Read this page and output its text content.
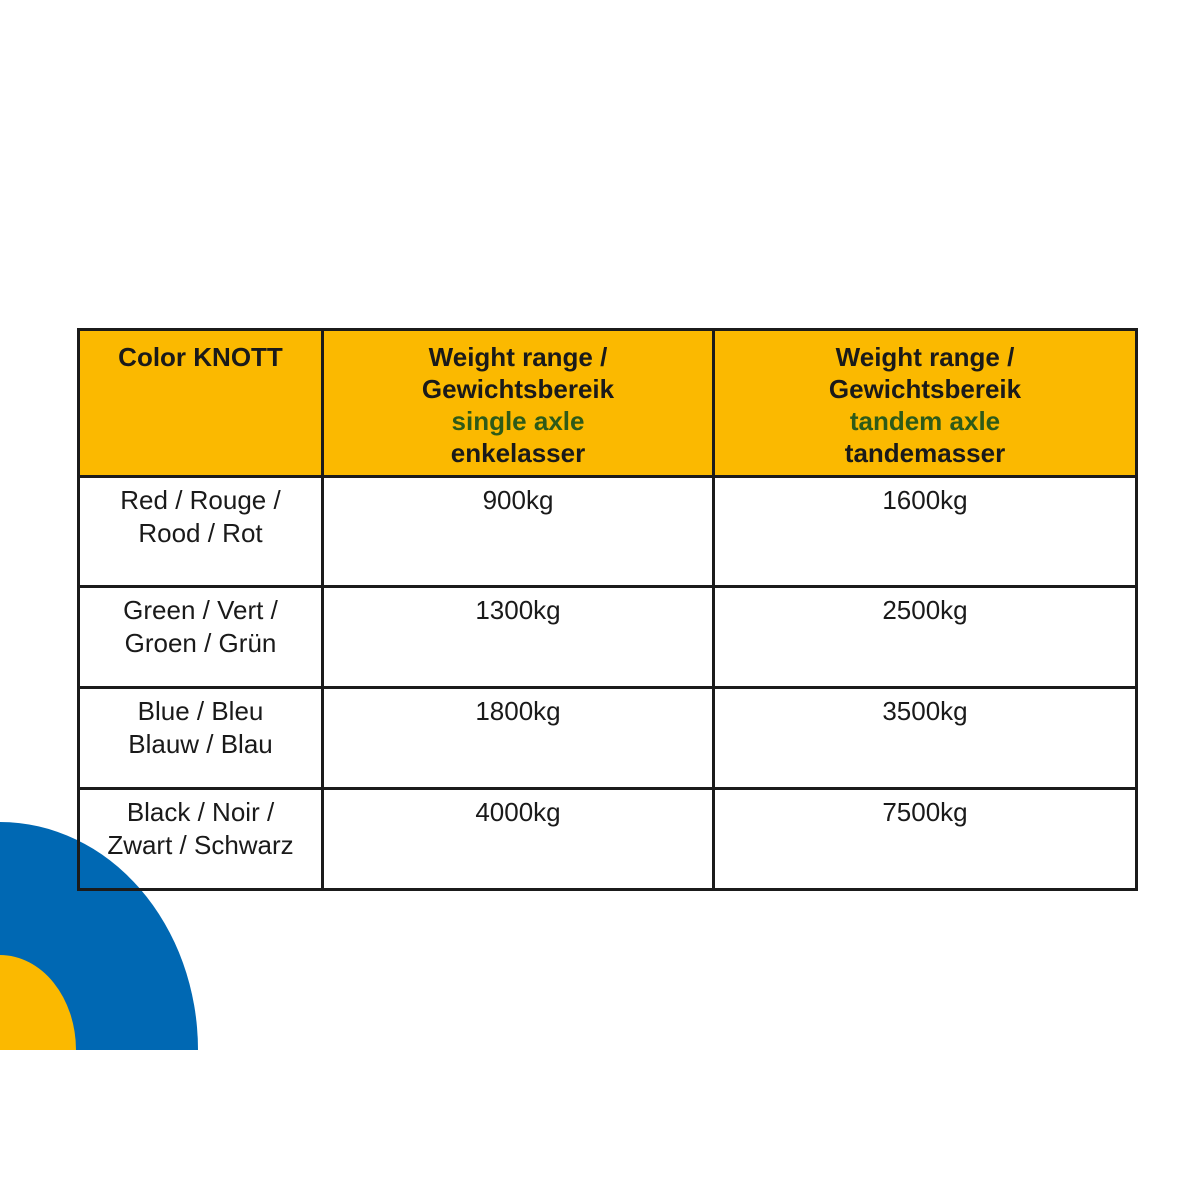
Color KNOTT	Weight range /
Gewichtsbereik
single axle
enkelasser	Weight range /
Gewichtsbereik
tandem axle
tandemasser

Red / Rouge /
Rood / Rot	900kg	1600kg

Green / Vert /
Groen / Grün	1300kg	2500kg

Blue / Bleu
Blauw / Blau	1800kg	3500kg

Black / Noir /
Zwart / Schwarz	4000kg	7500kg
